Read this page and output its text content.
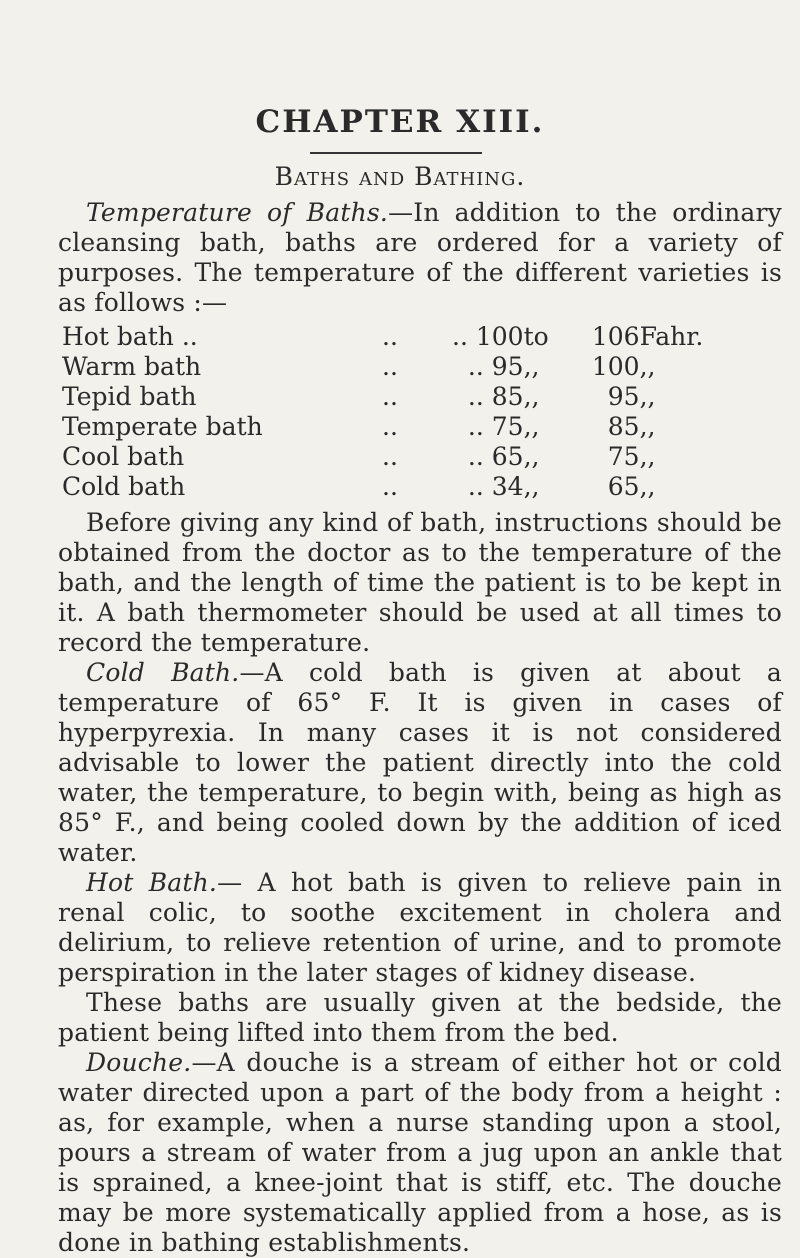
CHAPTER XIII.
Baths and Bathing.

Temperature of Baths.—In addition to the ordinary cleansing bath, baths are ordered for a variety of purposes. The temperature of the different varieties is as follows :—

Hot bath ..	..	.. 100	to	106	Fahr.
Warm bath	..	.. 95	,,	100	,,
Tepid bath	..	.. 85	,,	95	,,
Temperate bath	..	.. 75	,,	85	,,
Cool bath	..	.. 65	,,	75	,,
Cold bath	..	.. 34	,,	65	,,

Before giving any kind of bath, instructions should be obtained from the doctor as to the temperature of the bath, and the length of time the patient is to be kept in it. A bath thermometer should be used at all times to record the temperature.

Cold Bath.—A cold bath is given at about a temperature of 65° F. It is given in cases of hyperpyrexia. In many cases it is not considered advisable to lower the patient directly into the cold water, the temperature, to begin with, being as high as 85° F., and being cooled down by the addition of iced water.

Hot Bath.— A hot bath is given to relieve pain in renal colic, to soothe excitement in cholera and delirium, to relieve retention of urine, and to promote perspiration in the later stages of kidney disease.

These baths are usually given at the bedside, the patient being lifted into them from the bed.

Douche.—A douche is a stream of either hot or cold water directed upon a part of the body from a height : as, for example, when a nurse standing upon a stool, pours a stream of water from a jug upon an ankle that is sprained, a knee-joint that is stiff, etc. The douche may be more systematically applied from a hose, as is done in bathing establishments.
